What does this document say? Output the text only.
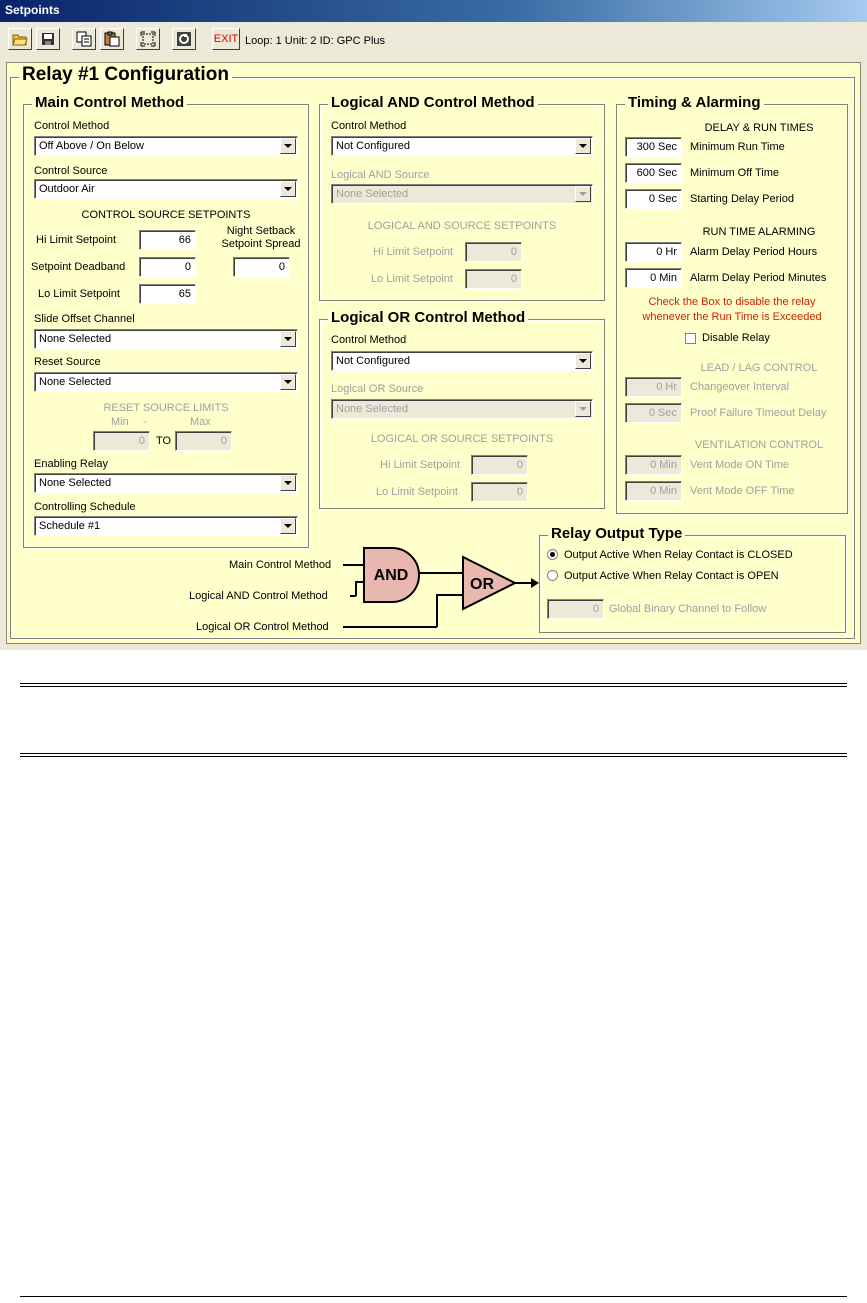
Setpoints
EXIT Loop: 1 Unit: 2 ID: GPC Plus
Relay #1 Configuration
Main Control Method
Control Method
Off Above / On Below
Control Source
Outdoor Air
CONTROL SOURCE SETPOINTS
Hi Limit Setpoint	66
Setpoint Deadband	0
Lo Limit Setpoint	65
Night Setback
Setpoint Spread
0
Slide Offset Channel
None Selected
Reset Source
None Selected
RESET SOURCE LIMITS
Min -	Max
0	TO	0
Enabling Relay
None Selected
Controlling Schedule
Schedule #1
Logical AND Control Method
Control Method
Not Configured
Logical AND Source
None Selected
LOGICAL AND SOURCE SETPOINTS
Hi Limit Setpoint	0
Lo Limit Setpoint	0
Logical OR Control Method
Control Method
Not Configured
Logical OR Source
None Selected
LOGICAL OR SOURCE SETPOINTS
Hi Limit Setpoint	0
Lo Limit Setpoint	0
Timing & Alarming
DELAY & RUN TIMES
300 Sec	Minimum Run Time
600 Sec	Minimum Off Time
0 Sec	Starting Delay Period
RUN TIME ALARMING
0 Hr	Alarm Delay Period Hours
0 Min	Alarm Delay Period Minutes
Check the Box to disable the relay
whenever the Run Time is Exceeded
Disable Relay
LEAD / LAG CONTROL
0 Hr	Changeover Interval
0 Sec	Proof Failure Timeout Delay
VENTILATION CONTROL
0 Min	Vent Mode ON Time
0 Min	Vent Mode OFF Time
Relay Output Type
Output Active When Relay Contact is CLOSED
Output Active When Relay Contact is OPEN
0 Global Binary Channel to Follow
Main Control Method
Logical AND Control Method
Logical OR Control Method
AND
OR
